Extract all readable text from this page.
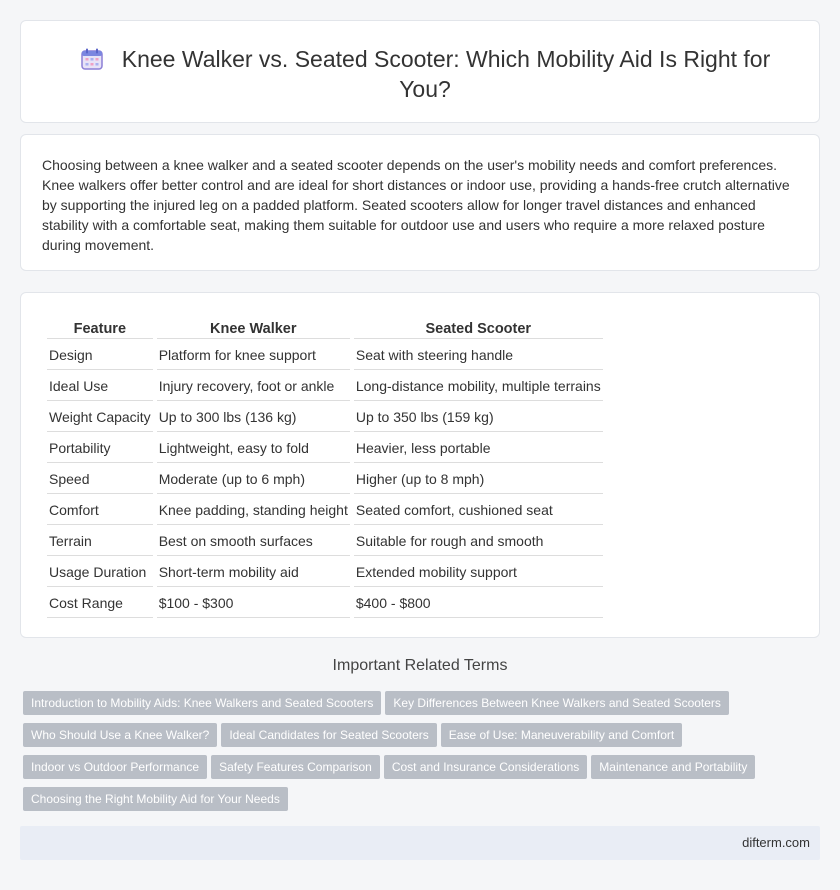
Knee Walker vs. Seated Scooter: Which Mobility Aid Is Right for You?

Choosing between a knee walker and a seated scooter depends on the user's mobility needs and comfort preferences. Knee walkers offer better control and are ideal for short distances or indoor use, providing a hands-free crutch alternative by supporting the injured leg on a padded platform. Seated scooters allow for longer travel distances and enhanced stability with a comfortable seat, making them suitable for outdoor use and users who require a more relaxed posture during movement.

Feature	Knee Walker	Seated Scooter
Design	Platform for knee support	Seat with steering handle
Ideal Use	Injury recovery, foot or ankle	Long-distance mobility, multiple terrains
Weight Capacity	Up to 300 lbs (136 kg)	Up to 350 lbs (159 kg)
Portability	Lightweight, easy to fold	Heavier, less portable
Speed	Moderate (up to 6 mph)	Higher (up to 8 mph)
Comfort	Knee padding, standing height	Seated comfort, cushioned seat
Terrain	Best on smooth surfaces	Suitable for rough and smooth
Usage Duration	Short-term mobility aid	Extended mobility support
Cost Range	$100 - $300	$400 - $800
Important Related Terms
Introduction to Mobility Aids: Knee Walkers and Seated Scooters Key Differences Between Knee Walkers and Seated Scooters
Who Should Use a Knee Walker? Ideal Candidates for Seated Scooters Ease of Use: Maneuverability and Comfort
Indoor vs Outdoor Performance Safety Features Comparison Cost and Insurance Considerations Maintenance and Portability
Choosing the Right Mobility Aid for Your Needs
difterm.com
